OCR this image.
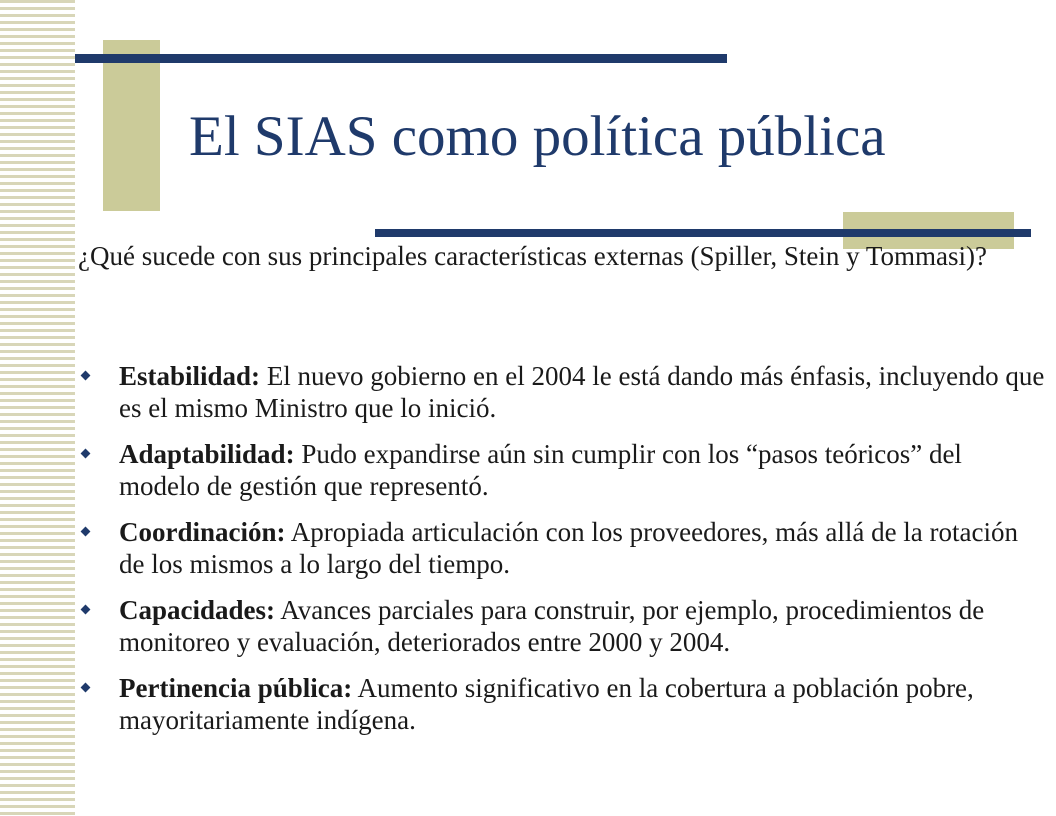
El SIAS como política pública

¿Qué sucede con sus principales características externas (Spiller, Stein y Tommasi)?

Estabilidad: El nuevo gobierno en el 2004 le está dando más énfasis, incluyendo que es el mismo Ministro que lo inició.
Adaptabilidad: Pudo expandirse aún sin cumplir con los “pasos teóricos” del modelo de gestión que representó.
Coordinación: Apropiada articulación con los proveedores, más allá de la rotación de los mismos a lo largo del tiempo.
Capacidades: Avances parciales para construir, por ejemplo, procedimientos de monitoreo y evaluación, deteriorados entre 2000 y 2004.
Pertinencia pública: Aumento significativo en la cobertura a población pobre, mayoritariamente indígena.
